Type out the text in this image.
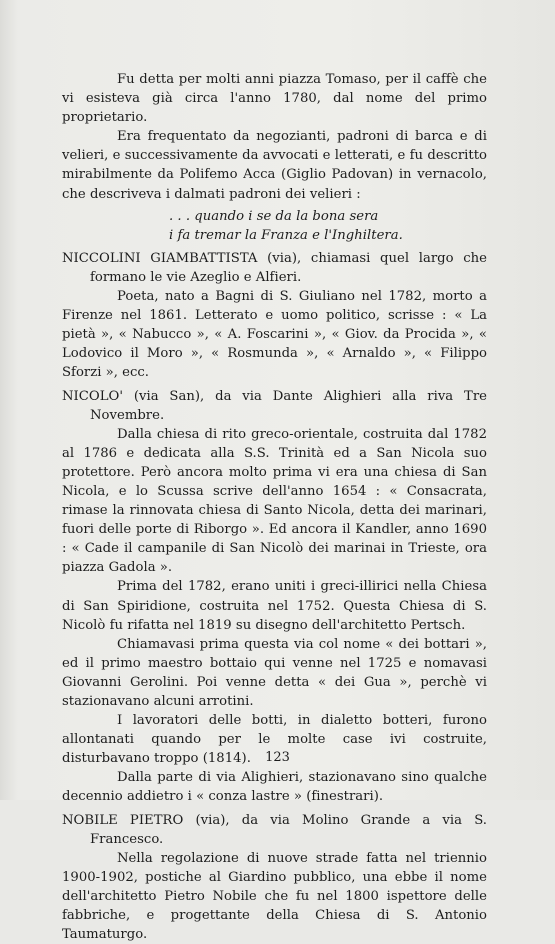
Fu detta per molti anni piazza Tomaso, per il caffè che vi esisteva già circa l'anno 1780, dal nome del primo proprietario.

Era frequentato da negozianti, padroni di barca e di velieri, e successivamente da avvocati e letterati, e fu descritto mirabilmente da Polifemo Acca (Giglio Padovan) in vernacolo, che descriveva i dalmati padroni dei velieri :

. . . quando i se da la bona sera

i fa tremar la Franza e l'Inghiltera.

NICCOLINI GIAMBATTISTA (via), chiamasi quel largo che formano le vie Azeglio e Alfieri.

Poeta, nato a Bagni di S. Giuliano nel 1782, morto a Firenze nel 1861. Letterato e uomo politico, scrisse : « La pietà », « Nabucco », « A. Foscarini », « Giov. da Procida », « Lodovico il Moro », « Rosmunda », « Arnaldo », « Filippo Sforzi », ecc.

NICOLO' (via San), da via Dante Alighieri alla riva Tre Novembre.

Dalla chiesa di rito greco-orientale, costruita dal 1782 al 1786 e dedicata alla S.S. Trinità ed a San Nicola suo protettore. Però ancora molto prima vi era una chiesa di San Nicola, e lo Scussa scrive dell'anno 1654 : « Consacrata, rimase la rinnovata chiesa di Santo Nicola, detta dei marinari, fuori delle porte di Riborgo ». Ed ancora il Kandler, anno 1690 : « Cade il campanile di San Nicolò dei marinai in Trieste, ora piazza Gadola ».

Prima del 1782, erano uniti i greci-illirici nella Chiesa di San Spiridione, costruita nel 1752. Questa Chiesa di S. Nicolò fu rifatta nel 1819 su disegno dell'architetto Pertsch.

Chiamavasi prima questa via col nome « dei bottari », ed il primo maestro bottaio qui venne nel 1725 e nomavasi Giovanni Gerolini. Poi venne detta « dei Gua », perchè vi stazionavano alcuni arrotini.

I lavoratori delle botti, in dialetto botteri, furono allontanati quando per le molte case ivi costruite, disturbavano troppo (1814).

Dalla parte di via Alighieri, stazionavano sino qualche decennio addietro i « conza lastre » (finestrari).

NOBILE PIETRO (via), da via Molino Grande a via S. Francesco.

Nella regolazione di nuove strade fatta nel triennio 1900-1902, postiche al Giardino pubblico, una ebbe il nome dell'architetto Pietro Nobile che fu nel 1800 ispettore delle fabbriche, e progettante della Chiesa di S. Antonio Taumaturgo.

123
